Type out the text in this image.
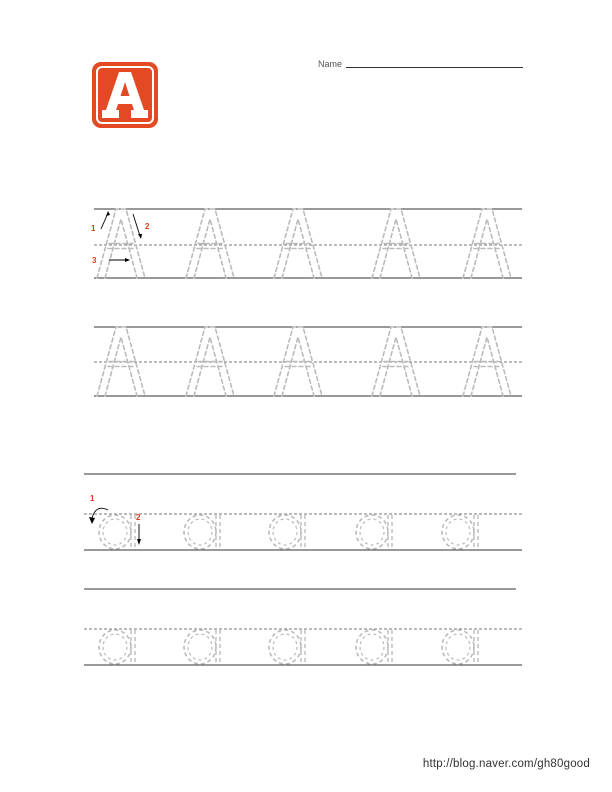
Name
1	2
3
1
2
http://blog.naver.com/gh80good
